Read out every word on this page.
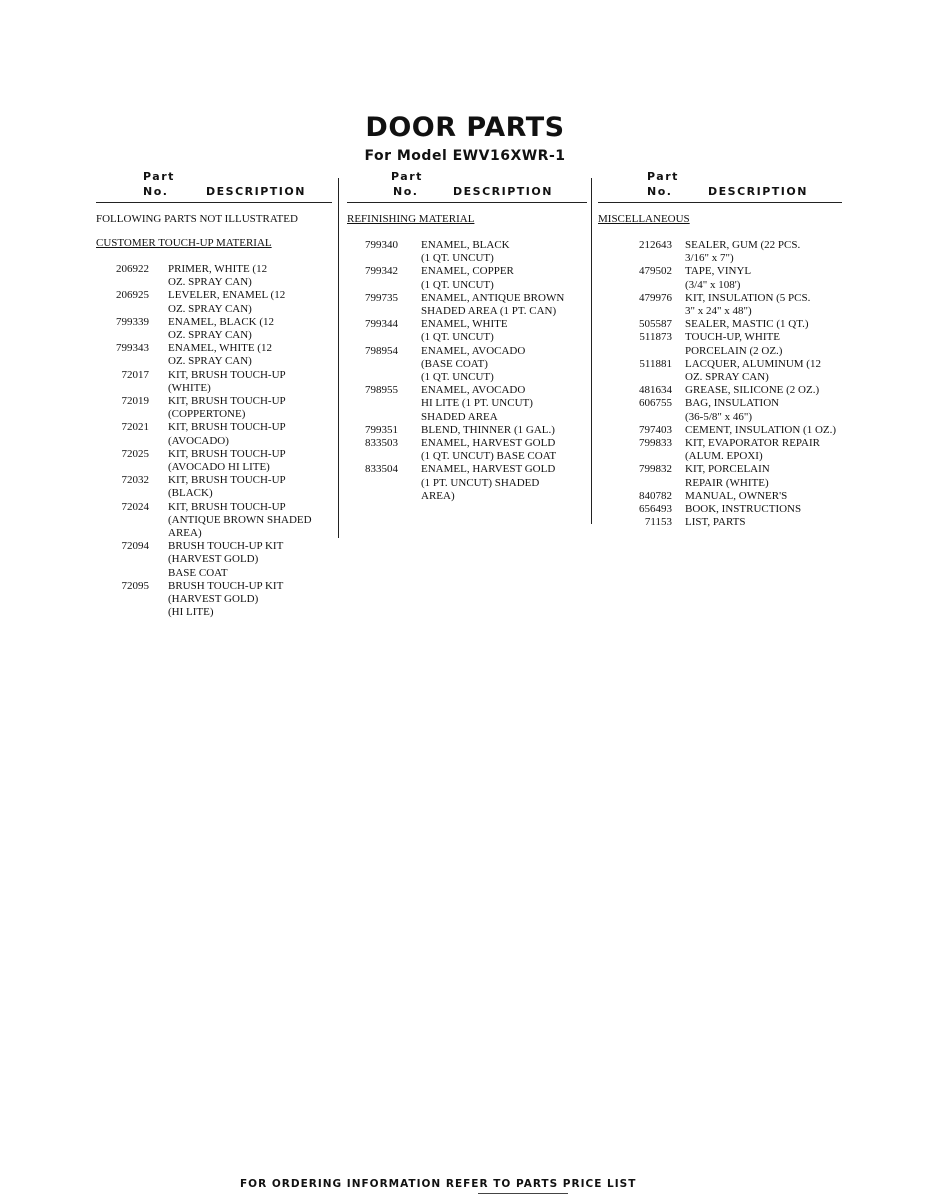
DOOR PARTS
For Model EWV16XWR-1
Part
No.	DESCRIPTION
FOLLOWING PARTS NOT ILLUSTRATED
CUSTOMER TOUCH-UP MATERIAL
206922 PRIMER, WHITE (12
OZ. SPRAY CAN)
206925 LEVELER, ENAMEL (12
OZ. SPRAY CAN)
799339 ENAMEL, BLACK (12
OZ. SPRAY CAN)
799343 ENAMEL, WHITE (12
OZ. SPRAY CAN)
72017 KIT, BRUSH TOUCH-UP
(WHITE)
72019 KIT, BRUSH TOUCH-UP
(COPPERTONE)
72021 KIT, BRUSH TOUCH-UP
(AVOCADO)
72025 KIT, BRUSH TOUCH-UP
(AVOCADO HI LITE)
72032 KIT, BRUSH TOUCH-UP
(BLACK)
72024 KIT, BRUSH TOUCH-UP
(ANTIQUE BROWN SHADED
AREA)
72094 BRUSH TOUCH-UP KIT
(HARVEST GOLD)
BASE COAT
72095 BRUSH TOUCH-UP KIT
(HARVEST GOLD)
(HI LITE)
Part
No.	DESCRIPTION
REFINISHING MATERIAL
799340 ENAMEL, BLACK
(1 QT. UNCUT)
799342 ENAMEL, COPPER
(1 QT. UNCUT)
799735 ENAMEL, ANTIQUE BROWN
SHADED AREA (1 PT. CAN)
799344 ENAMEL, WHITE
(1 QT. UNCUT)
798954 ENAMEL, AVOCADO
(BASE COAT)
(1 QT. UNCUT)
798955 ENAMEL, AVOCADO
HI LITE (1 PT. UNCUT)
SHADED AREA
799351 BLEND, THINNER (1 GAL.)
833503 ENAMEL, HARVEST GOLD
(1 QT. UNCUT) BASE COAT
833504 ENAMEL, HARVEST GOLD
(1 PT. UNCUT) SHADED
AREA)
Part
No.	DESCRIPTION
MISCELLANEOUS
212643 SEALER, GUM (22 PCS.
3/16" x 7")
479502 TAPE, VINYL
(3/4" x 108')
479976 KIT, INSULATION (5 PCS.
3" x 24" x 48")
505587 SEALER, MASTIC (1 QT.)
511873 TOUCH-UP, WHITE
PORCELAIN (2 OZ.)
511881 LACQUER, ALUMINUM (12
OZ. SPRAY CAN)
481634 GREASE, SILICONE (2 OZ.)
606755 BAG, INSULATION
(36-5/8" x 46")
797403 CEMENT, INSULATION (1 OZ.)
799833 KIT, EVAPORATOR REPAIR
(ALUM. EPOXI)
799832 KIT, PORCELAIN
REPAIR (WHITE)
840782 MANUAL, OWNER'S
656493 BOOK, INSTRUCTIONS
71153 LIST, PARTS
FOR ORDERING INFORMATION REFER TO PARTS PRICE LIST
